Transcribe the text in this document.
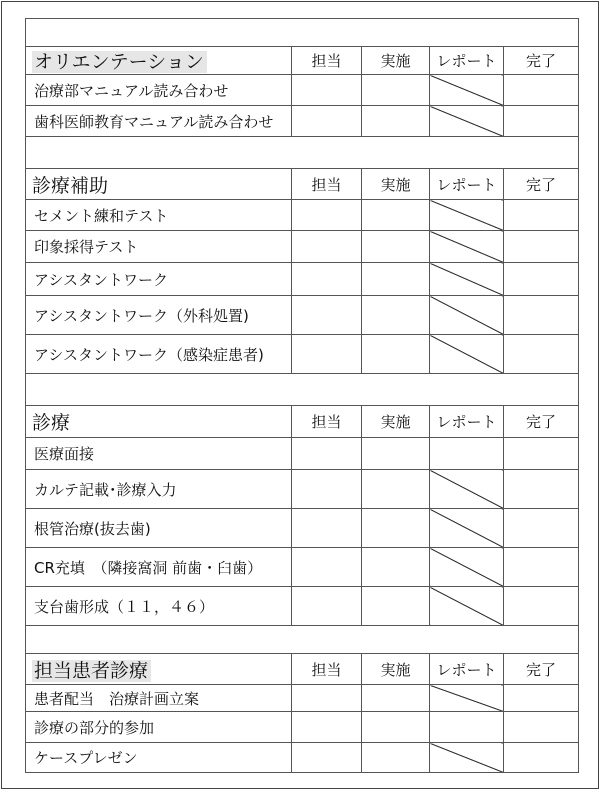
オリエンテーション	担当	実施	レポート	完了
治療部マニュアル読み合わせ				
歯科医師教育マニュアル読み合わせ				

診療補助	担当	実施	レポート	完了
セメント練和テスト				
印象採得テスト				
アシスタントワーク				
アシスタントワーク（外科処置)				
アシスタントワーク（感染症患者)				

診療	担当	実施	レポート	完了
医療面接				
カルテ記載･診療入力				
根管治療(抜去歯)				
CR充填　（隣接窩洞 前歯・臼歯）				
支台歯形成（１１，４６）				

担当患者診療	担当	実施	レポート	完了
患者配当　治療計画立案				
診療の部分的参加				
ケースプレゼン				
